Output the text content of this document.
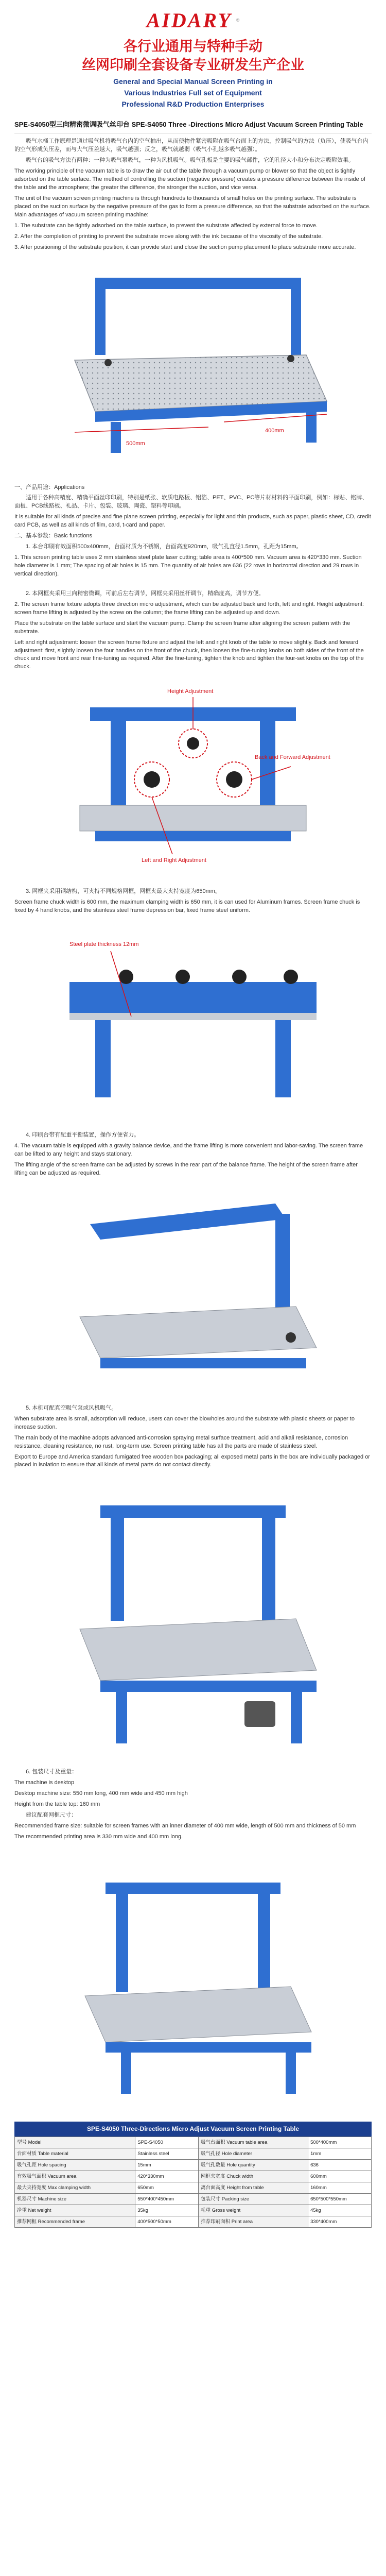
AIDARY ®
各行业通用与特种手动
丝网印刷全套设备专业研发生产企业
General and Special Manual Screen Printing in
Various Industries Full set of Equipment
Professional R&D Production Enterprises
SPE-S4050型三向精密微调吸气丝印台 SPE-S4050 Three -Directions Micro Adjust Vacuum Screen Printing Table

吸气水桶工作原理是通过吸气机将吸气台内的空气抽出，从而使物件紧密吸附在吸气台面上的方法，控制吸气的方法（负压），使吸气台内的空气形成负压差，而与大气压差越大，吸气越强；反之，吸气就越弱（吸气小孔越多吸气越强）。

吸气台的吸气方法有两种：一种为吸气泵吸气，一种为风机吸气。吸气孔板是主要的吸气部件，它的孔径大小和分布决定吸附效果。

The working principle of the vacuum table is to draw the air out of the table through a vacuum pump or blower so that the object is tightly adsorbed on the table surface. The method of controlling the suction (negative pressure) creates a pressure difference between the inside of the table and the atmosphere; the greater the difference, the stronger the suction, and vice versa.

The unit of the vacuum screen printing machine is through hundreds to thousands of small holes on the printing surface. The substrate is placed on the suction surface by the negative pressure of the gas to form a pressure difference, so that the substrate adsorbed on the surface. Main advantages of vacuum screen printing machine:

1. The substrate can be tightly adsorbed on the table surface, to prevent the substrate affected by external force to move.

2. After the completion of printing to prevent the substrate move along with the ink because of the viscosity of the substrate.

3. After positioning of the substrate position, it can provide start and close the suction pump placement to place substrate more accurate.

500mm
400mm

一、产品用途：Applications

适用于各种高精度、精确平面丝印印刷，特别是纸张、软质电路板、铝箔、PET、PVC、PC等片材材料的平面印刷，例如：标贴、铭牌、面板、PCB线路板、礼品、卡片、包装、玻璃、陶瓷、塑料等印刷。

It is suitable for all kinds of precise and fine plane screen printing, especially for light and thin products, such as paper, plastic sheet, CD, credit card PCB, as well as all kinds of film, card, t-card and paper.

二、基本参数：Basic functions

1. 本台印刷有效面积500x400mm，台面材质为不锈钢，台面高度920mm，吸气孔直径1.5mm，孔距为15mm。

1. This screen printing table uses 2 mm stainless steel plate laser cutting; table area is 400*500 mm. Vacuum area is 420*330 mm. Suction hole diameter is 1 mm; The spacing of air holes is 15 mm. The quantity of air holes are 636 (22 rows in horizontal direction and 29 rows in vertical direction).

2. 本网框夹采用三向精密微调，可前后左右调节，网框夹采用丝杆调节，精确度高，调节方便。

2. The screen frame fixture adopts three direction micro adjustment, which can be adjusted back and forth, left and right. Height adjustment: screen frame lifting is adjusted by the screw on the column; the frame lifting can be adjusted up and down.

Place the substrate on the table surface and start the vacuum pump. Clamp the screen frame after aligning the screen pattern with the substrate.

Left and right adjustment: loosen the screen frame fixture and adjust the left and right knob of the table to move slightly. Back and forward adjustment: first, slightly loosen the four handles on the front of the chuck, then loosen the fine-tuning knobs on both sides of the front of the chuck and move front and rear fine-tuning as required. After the fine-tuning, tighten the knob and tighten the four-set knobs on the top of the chuck.

Height Adjustment
Left and Right Adjustment
Back and Forward Adjustment

3. 网框夹采用钢结构，可夹持不同规格网框，网框夹最大夹持宽度为650mm。

Screen frame chuck width is 600 mm, the maximum clamping width is 650 mm, it is can used for Aluminum frames. Screen frame chuck is fixed by 4 hand knobs, and the stainless steel frame depression bar, fixed frame steel uniform.

Steel plate thickness 12mm

4. 印刷台带有配重平衡装置，操作方便省力。

4. The vacuum table is equipped with a gravity balance device, and the frame lifting is more convenient and labor-saving. The screen frame can be lifted to any height and stays stationary.

The lifting angle of the screen frame can be adjusted by screws in the rear part of the balance frame. The height of the screen frame after lifting can be adjusted as required.

5. 本机可配真空吸气泵或风机吸气。

When substrate area is small, adsorption will reduce, users can cover the blowholes around the substrate with plastic sheets or paper to increase suction.

The main body of the machine adopts advanced anti-corrosion spraying metal surface treatment, acid and alkali resistance, corrosion resistance, cleaning resistance, no rust, long-term use. Screen printing table has all the parts are made of stainless steel.

Export to Europe and America standard fumigated free wooden box packaging; all exposed metal parts in the box are individually packaged or placed in isolation to ensure that all kinds of metal parts do not contact directly.

6. 包装尺寸及重量：

The machine is desktop

Desktop machine size: 550 mm long, 400 mm wide and 450 mm high

Height from the table top: 160 mm

建议配套网框尺寸：

Recommended frame size: suitable for screen frames with an inner diameter of 400 mm wide, length of 500 mm and thickness of 50 mm

The recommended printing area is 330 mm wide and 400 mm long.

SPE-S4050 Three-Directions Micro Adjust Vacuum Screen Printing Table
型号 Model	SPE-S4050	吸气台面积 Vacuum table area	500*400mm
台面材质 Table material	Stainless steel	吸气孔径 Hole diameter	1mm
吸气孔距 Hole spacing	15mm	吸气孔数量 Hole quantity	636
有效吸气面积 Vacuum area	420*330mm	网框夹宽度 Chuck width	600mm
最大夹持宽度 Max clamping width	650mm	离台面高度 Height from table	160mm
机器尺寸 Machine size	550*400*450mm	包装尺寸 Packing size	650*500*550mm
净重 Net weight	35kg	毛重 Gross weight	45kg
推荐网框 Recommended frame	400*500*50mm	推荐印刷面积 Print area	330*400mm
